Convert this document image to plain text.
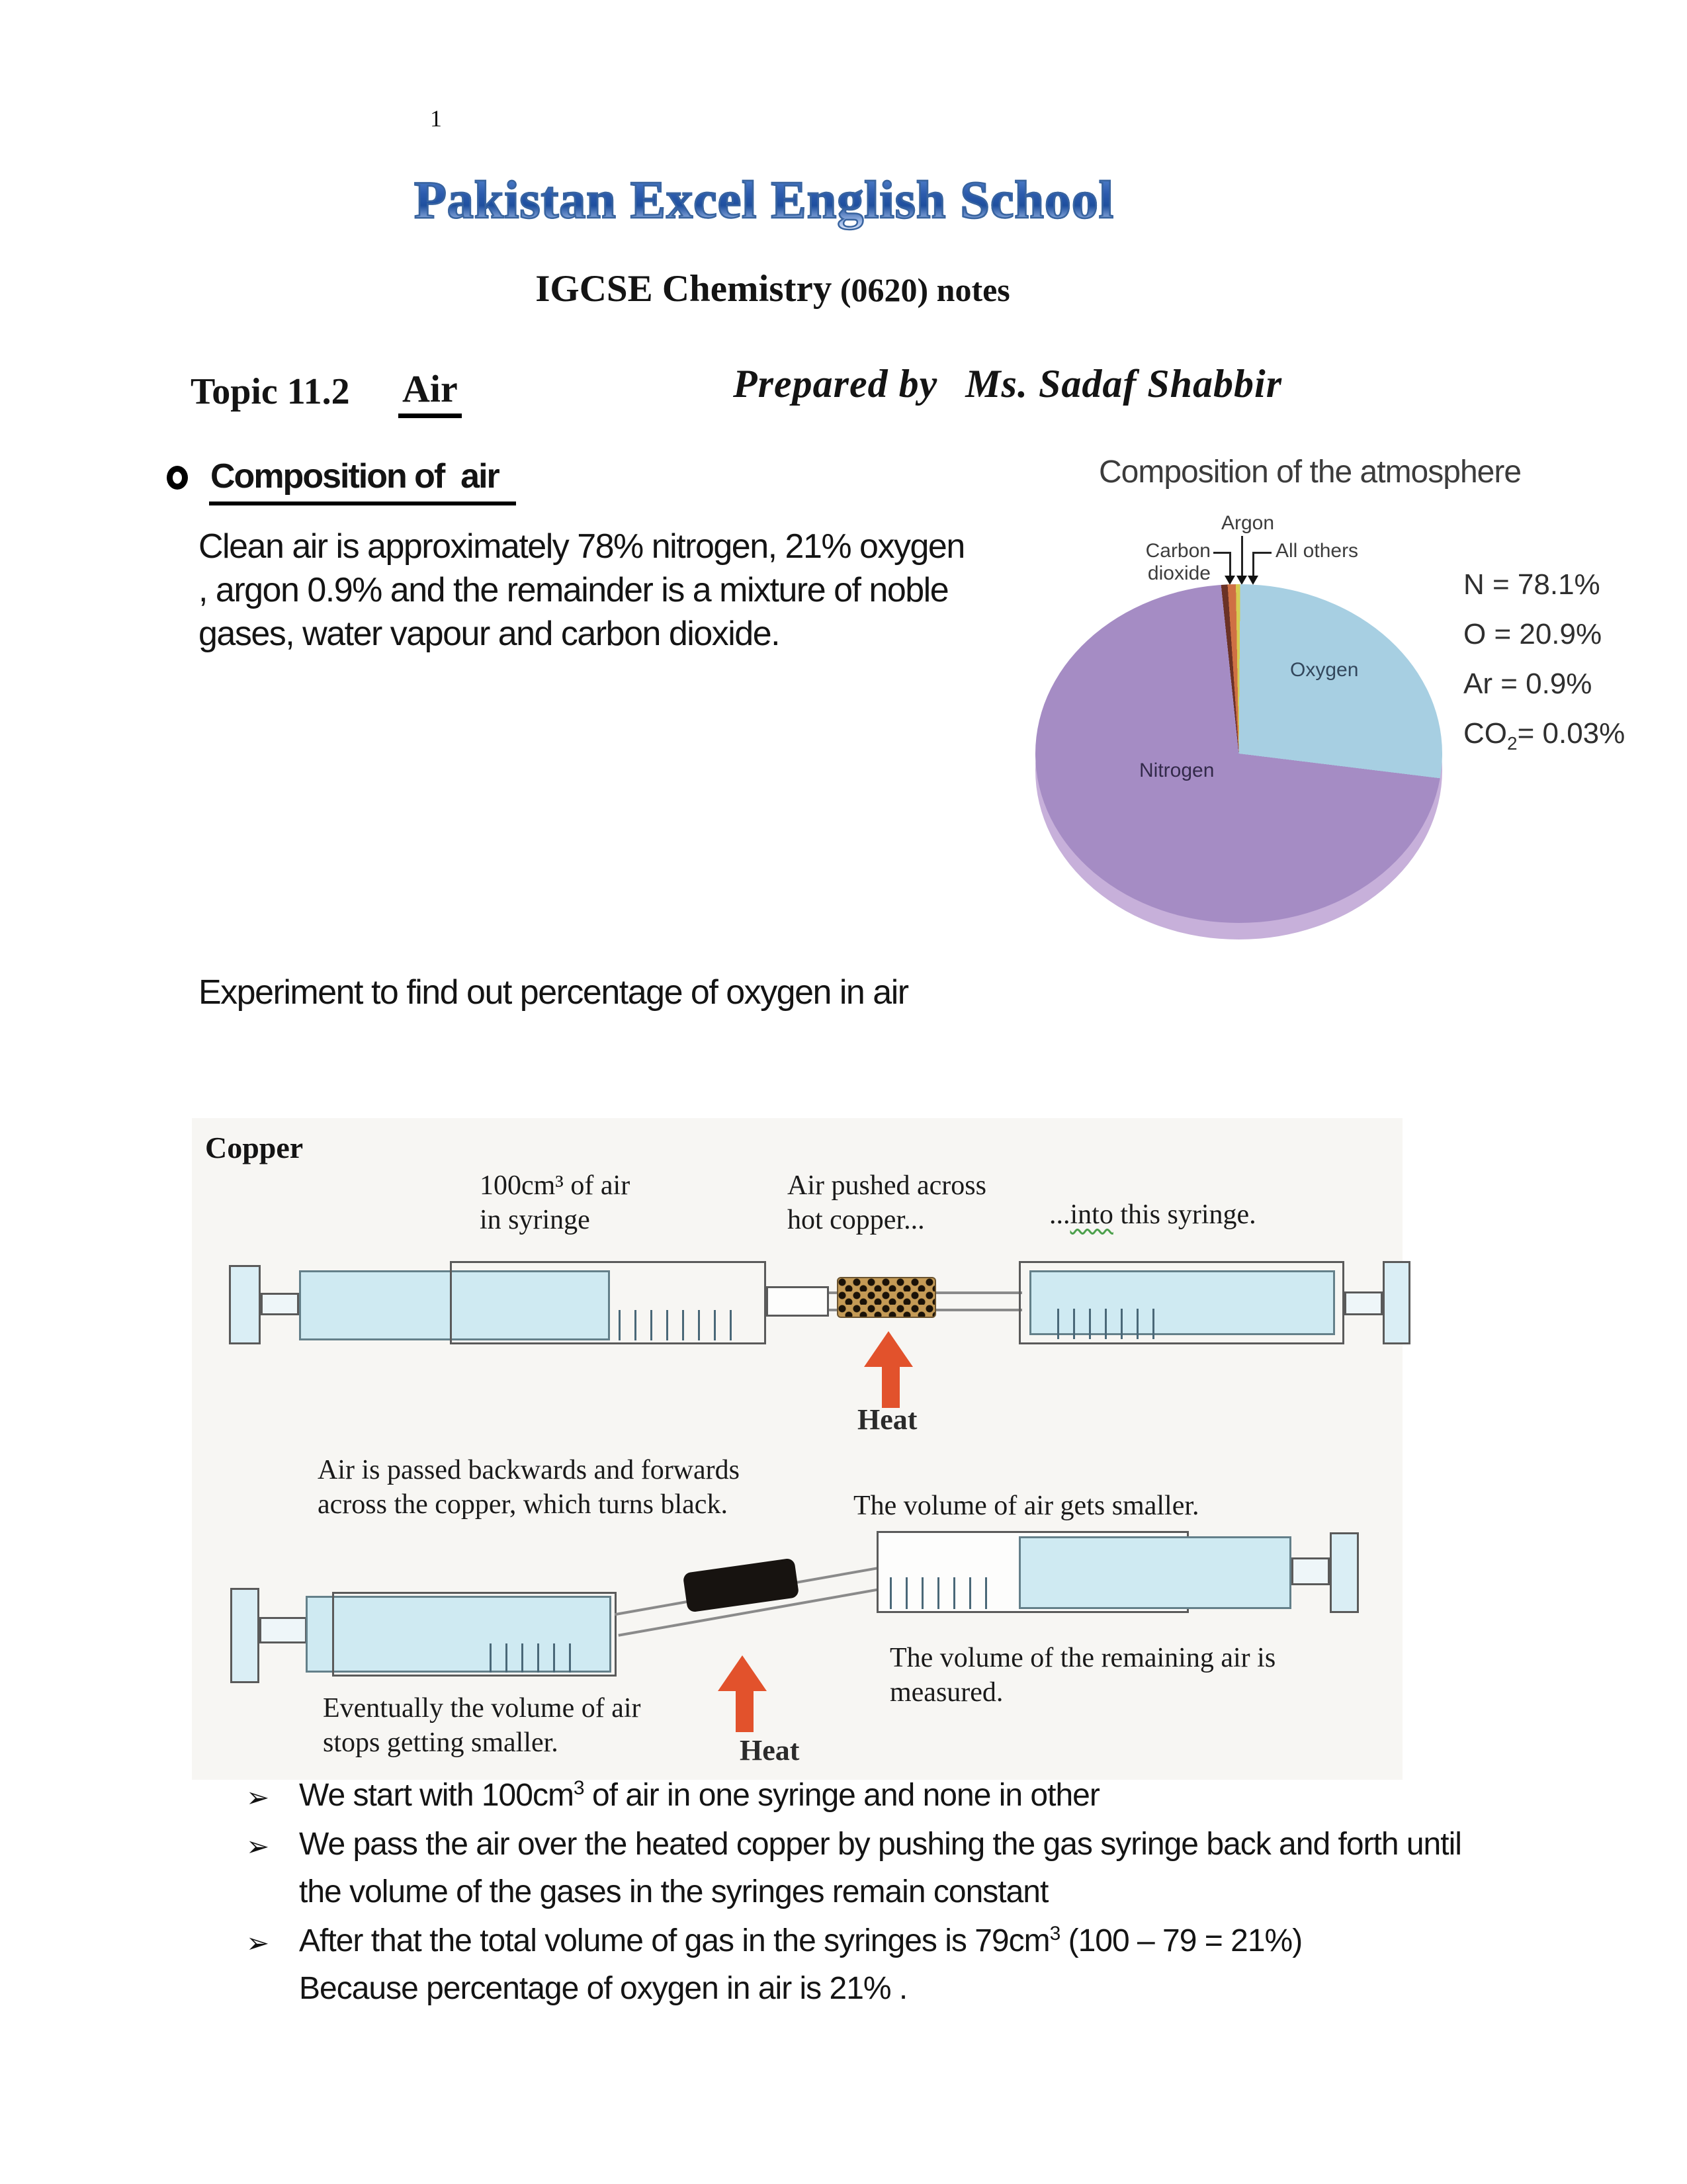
1
Pakistan Excel English School
IGCSE Chemistry (0620) notes
Topic 11.2 Air	Prepared by Ms. Sadaf Shabbir
Composition of  air
Clean air is approximately 78% nitrogen, 21% oxygen
, argon 0.9% and the remainder is a mixture of noble
gases, water vapour and carbon dioxide.
Composition of the atmosphere
Argon
Carbon dioxide
All others
Oxygen
Nitrogen
N = 78.1%
O = 20.9%
Ar = 0.9%
$CO_2= 0.03\%$
Experiment to find out percentage of oxygen in air
Copper
100cm³ of air
in syringe
Air pushed across
hot copper...	...into this syringe.
Heat
Air is passed backwards and forwards
across the copper, which turns black.	The volume of air gets smaller.
Heat
Eventually the volume of air
stops getting smaller.
The volume of the remaining air is
measured.
➢ We start with $100cm^3$ of air in one syringe and none in other
➢ We pass the air over the heated copper by pushing the gas syringe back and forth until
the volume of the gases in the syringes remain constant
➢ After that the total volume of gas in the syringes is $79cm^3$ (100 – 79 = 21%)
Because percentage of oxygen in air is 21% .
